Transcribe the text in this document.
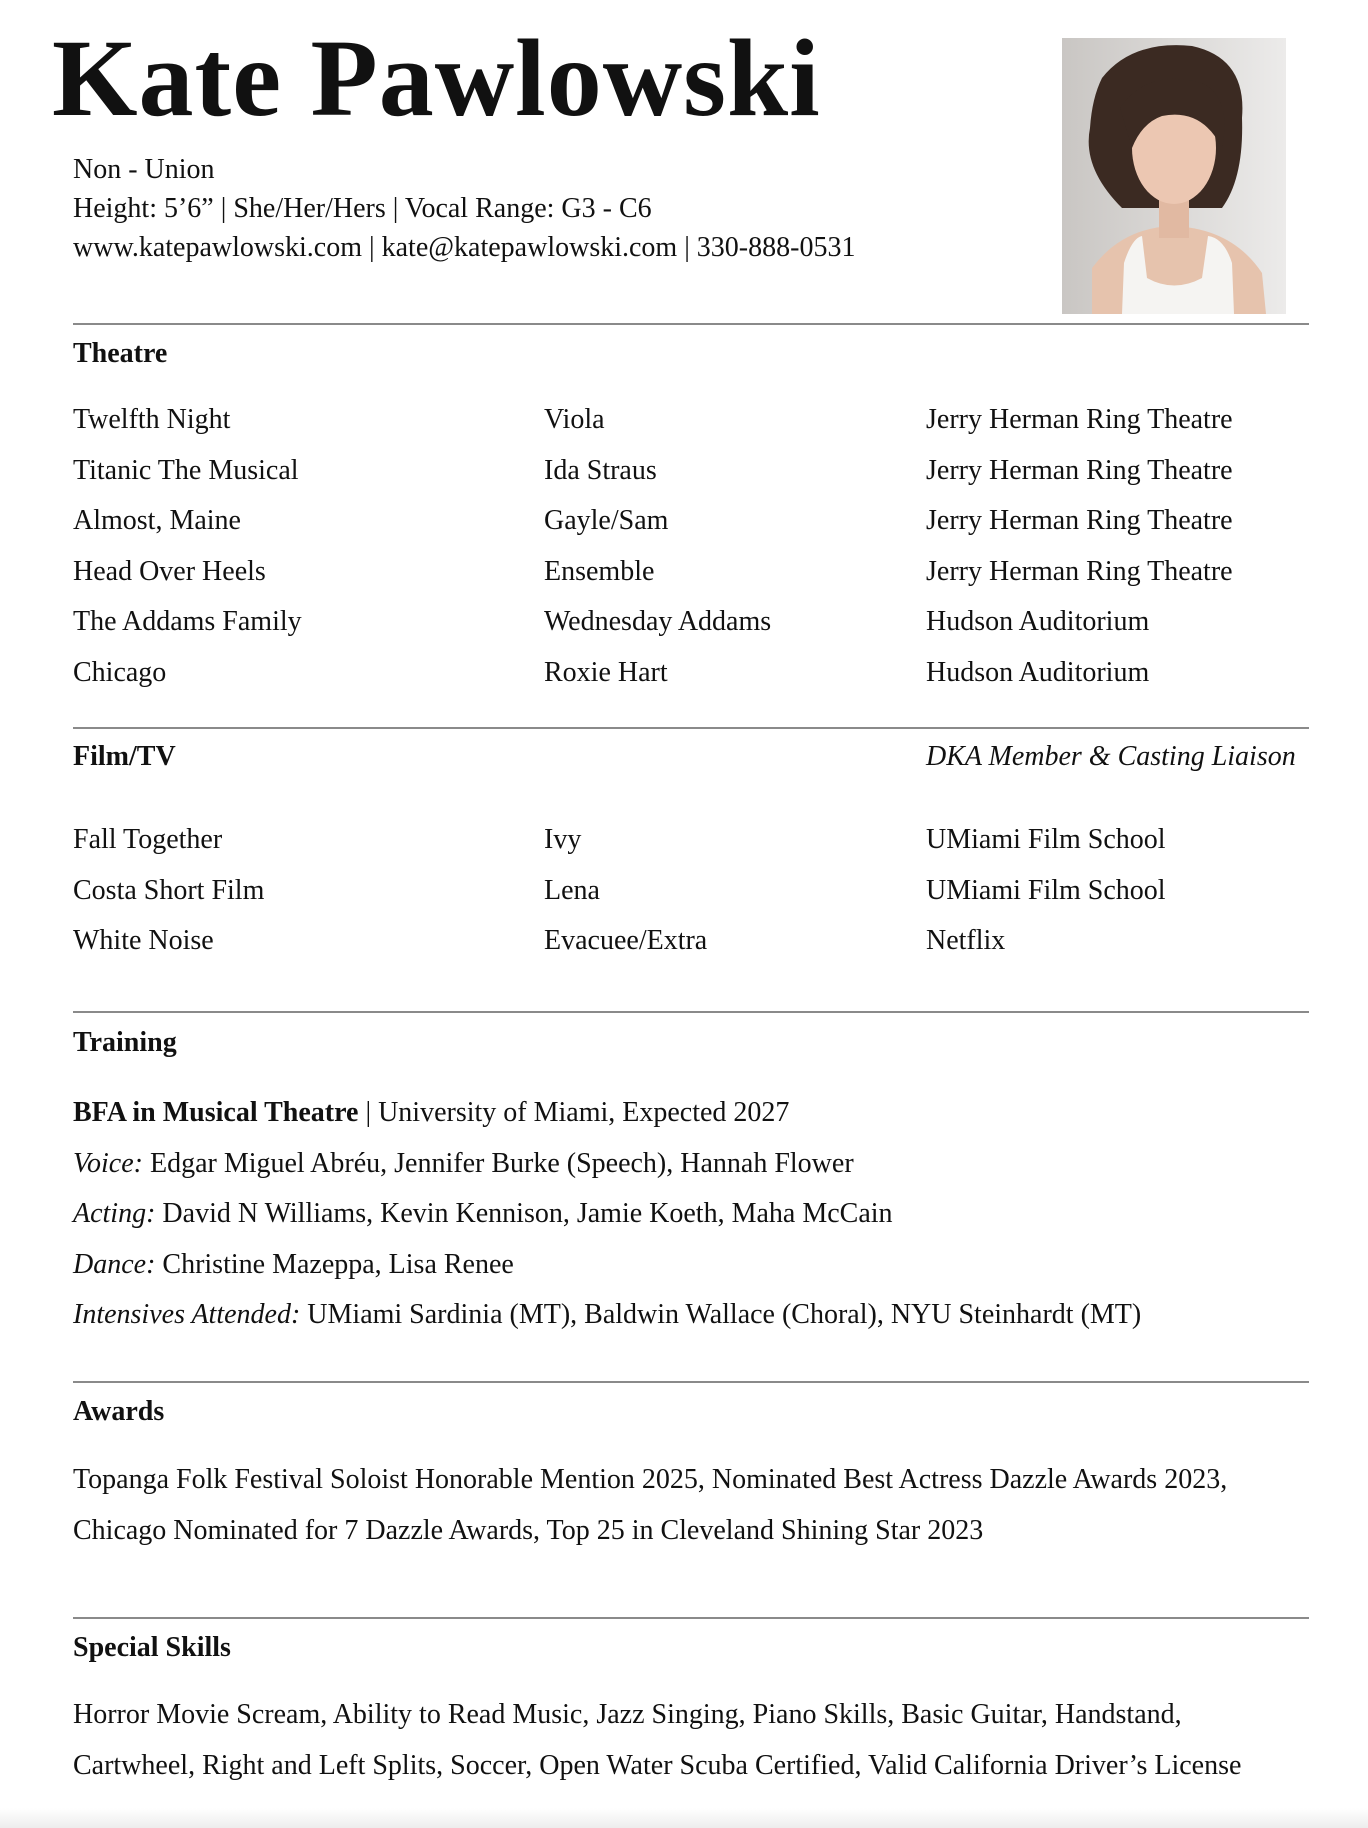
Kate Pawlowski
Non - Union
Height: 5’6” | She/Her/Hers | Vocal Range: G3 - C6
www.katepawlowski.com | kate@katepawlowski.com | 330-888-0531
Theatre
Twelfth Night	Viola	Jerry Herman Ring Theatre
Titanic The Musical	Ida Straus	Jerry Herman Ring Theatre
Almost, Maine	Gayle/Sam	Jerry Herman Ring Theatre
Head Over Heels	Ensemble	Jerry Herman Ring Theatre
The Addams Family	Wednesday Addams	Hudson Auditorium
Chicago	Roxie Hart	Hudson Auditorium
Film/TV	DKA Member & Casting Liaison
Fall Together	Ivy	UMiami Film School
Costa Short Film	Lena	UMiami Film School
White Noise	Evacuee/Extra	Netflix
Training
BFA in Musical Theatre | University of Miami, Expected 2027
Voice: Edgar Miguel Abréu, Jennifer Burke (Speech), Hannah Flower
Acting: David N Williams, Kevin Kennison, Jamie Koeth, Maha McCain
Dance: Christine Mazeppa, Lisa Renee
Intensives Attended: UMiami Sardinia (MT), Baldwin Wallace (Choral), NYU Steinhardt (MT)
Awards
Topanga Folk Festival Soloist Honorable Mention 2025, Nominated Best Actress Dazzle Awards 2023,
Chicago Nominated for 7 Dazzle Awards, Top 25 in Cleveland Shining Star 2023
Special Skills
Horror Movie Scream, Ability to Read Music, Jazz Singing, Piano Skills, Basic Guitar, Handstand,
Cartwheel, Right and Left Splits, Soccer, Open Water Scuba Certified, Valid California Driver’s License
